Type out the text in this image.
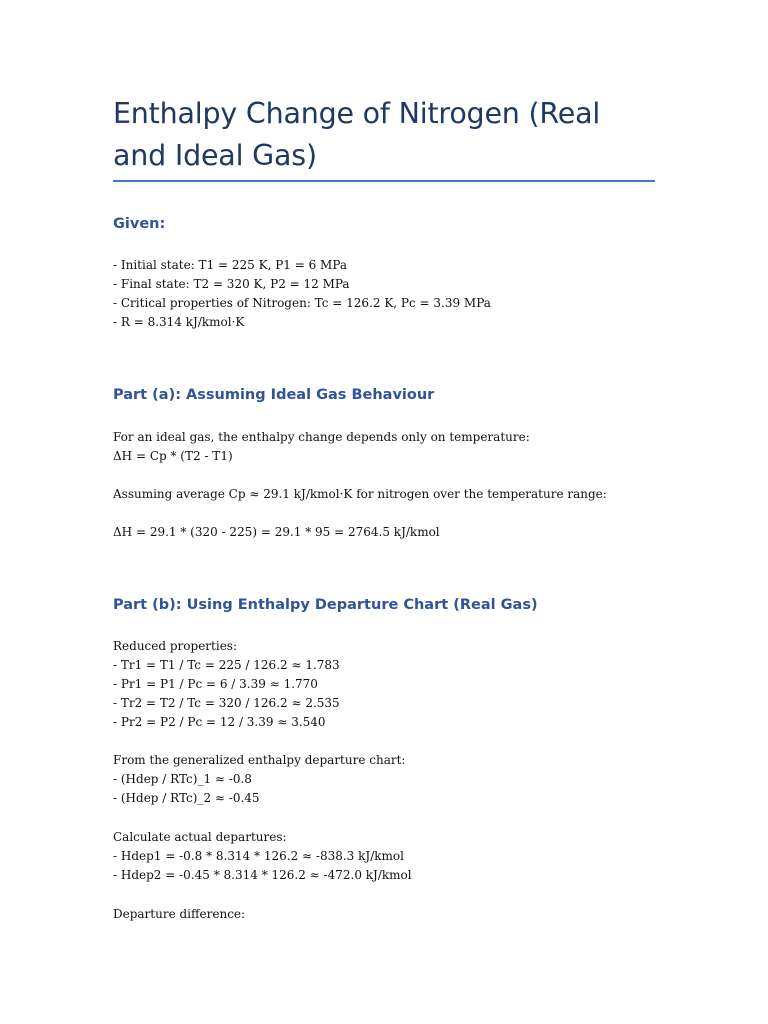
Enthalpy Change of Nitrogen (Real and Ideal Gas)
Given:

- Initial state: T1 = 225 K, P1 = 6 MPa

- Final state: T2 = 320 K, P2 = 12 MPa

- Critical properties of Nitrogen: Tc = 126.2 K, Pc = 3.39 MPa

- R = 8.314 kJ/kmol·K

Part (a): Assuming Ideal Gas Behaviour

For an ideal gas, the enthalpy change depends only on temperature:

ΔH = Cp * (T2 - T1)

Assuming average Cp ≈ 29.1 kJ/kmol·K for nitrogen over the temperature range:

ΔH = 29.1 * (320 - 225) = 29.1 * 95 = 2764.5 kJ/kmol

Part (b): Using Enthalpy Departure Chart (Real Gas)

Reduced properties:

- Tr1 = T1 / Tc = 225 / 126.2 ≈ 1.783

- Pr1 = P1 / Pc = 6 / 3.39 ≈ 1.770

- Tr2 = T2 / Tc = 320 / 126.2 ≈ 2.535

- Pr2 = P2 / Pc = 12 / 3.39 ≈ 3.540

From the generalized enthalpy departure chart:

- (Hdep / RTc)_1 ≈ -0.8

- (Hdep / RTc)_2 ≈ -0.45

Calculate actual departures:

- Hdep1 = -0.8 * 8.314 * 126.2 ≈ -838.3 kJ/kmol

- Hdep2 = -0.45 * 8.314 * 126.2 ≈ -472.0 kJ/kmol

Departure difference:
